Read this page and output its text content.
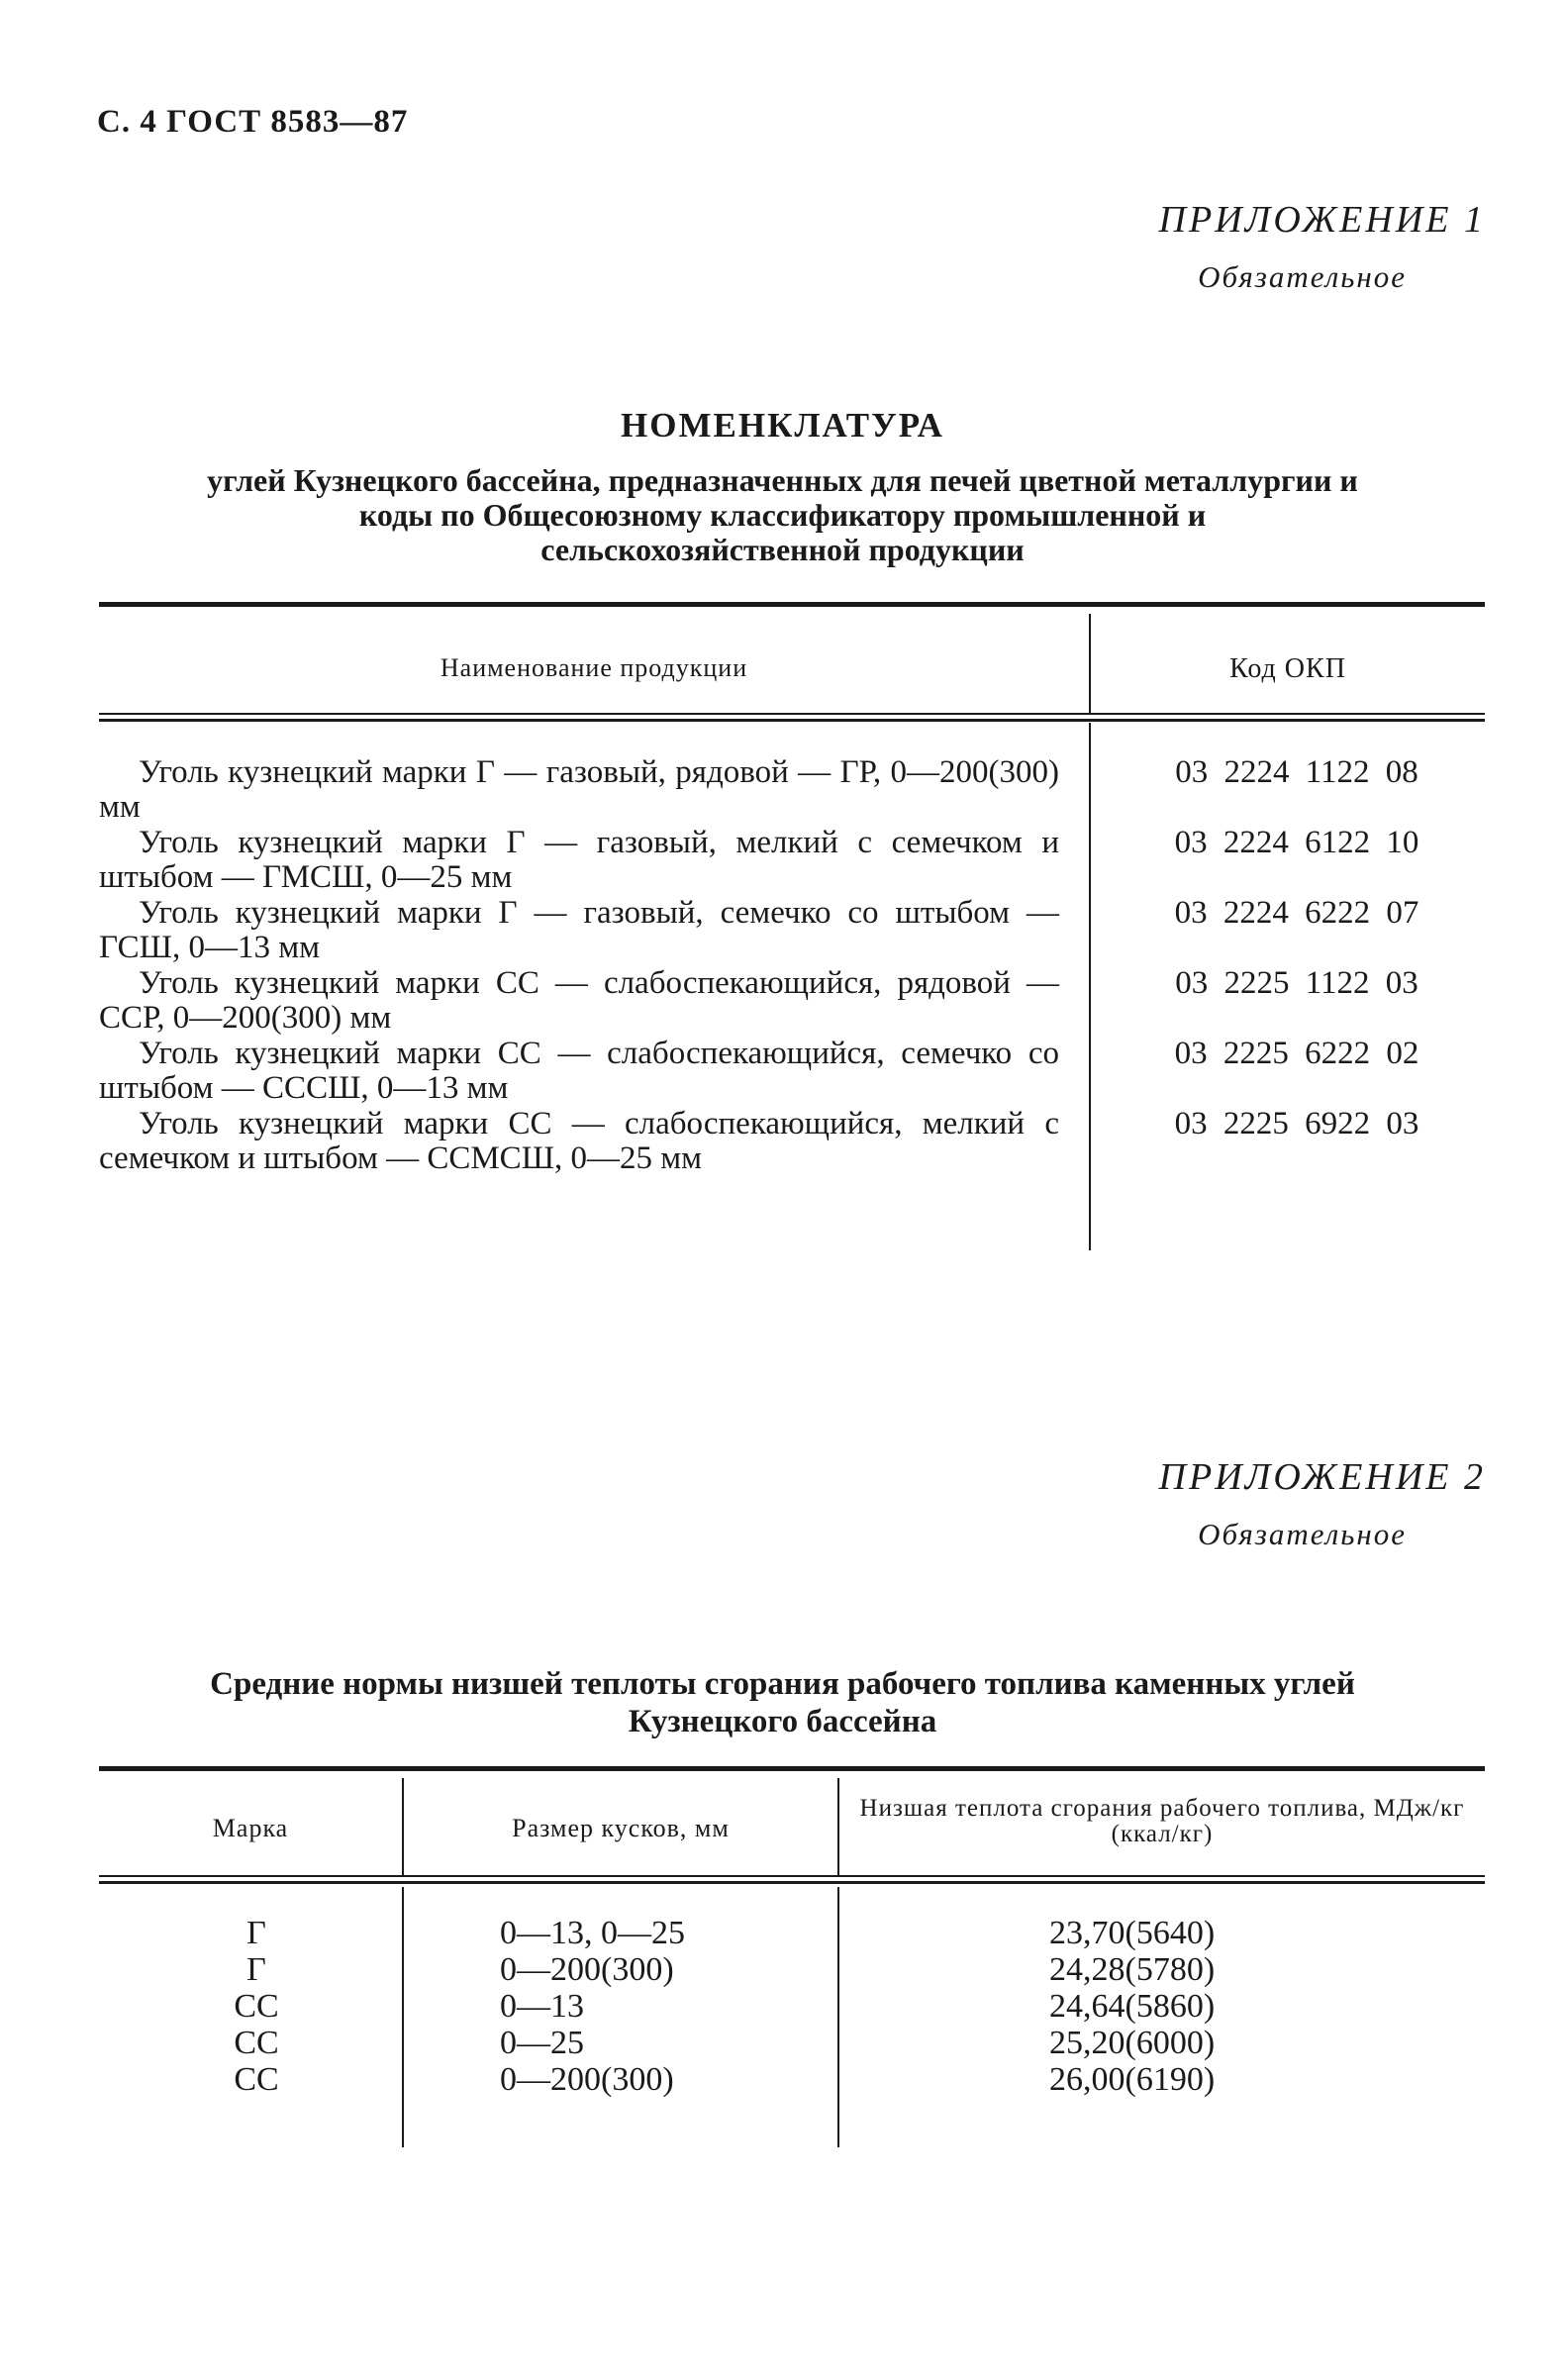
С. 4 ГОСТ 8583—87
ПРИЛОЖЕНИЕ 1
Обязательное
НОМЕНКЛАТУРА
углей Кузнецкого бассейна, предназначенных для печей цветной металлургии и коды по Общесоюзному классификатору промышленной и сельскохозяйственной продукции
Наименование продукции	Код ОКП
Уголь кузнецкий марки Г — газовый, рядовой — ГР, 0—200(300) мм
03 2224 1122 08
Уголь кузнецкий марки Г — газовый, мелкий с семечком и штыбом — ГМСШ, 0—25 мм
03 2224 6122 10
Уголь кузнецкий марки Г — газовый, семечко со штыбом — ГСШ, 0—13 мм
03 2224 6222 07
Уголь кузнецкий марки СС — слабоспекающийся, рядовой — ССР, 0—200(300) мм
03 2225 1122 03
Уголь кузнецкий марки СС — слабоспекающийся, семечко со штыбом — СССШ, 0—13 мм
03 2225 6222 02
Уголь кузнецкий марки СС — слабоспекающийся, мелкий с семечком и штыбом — ССМСШ, 0—25 мм
03 2225 6922 03
ПРИЛОЖЕНИЕ 2
Обязательное
Средние нормы низшей теплоты сгорания рабочего топлива каменных углей Кузнецкого бассейна
Марка	Размер кусков, мм
Низшая теплота сгорания рабочего топлива, МДж/кг (ккал/кг)
Г
Г
СС
СС
СС
0—13, 0—25
0—200(300)
0—13
0—25
0—200(300)
23,70(5640)
24,28(5780)
24,64(5860)
25,20(6000)
26,00(6190)
